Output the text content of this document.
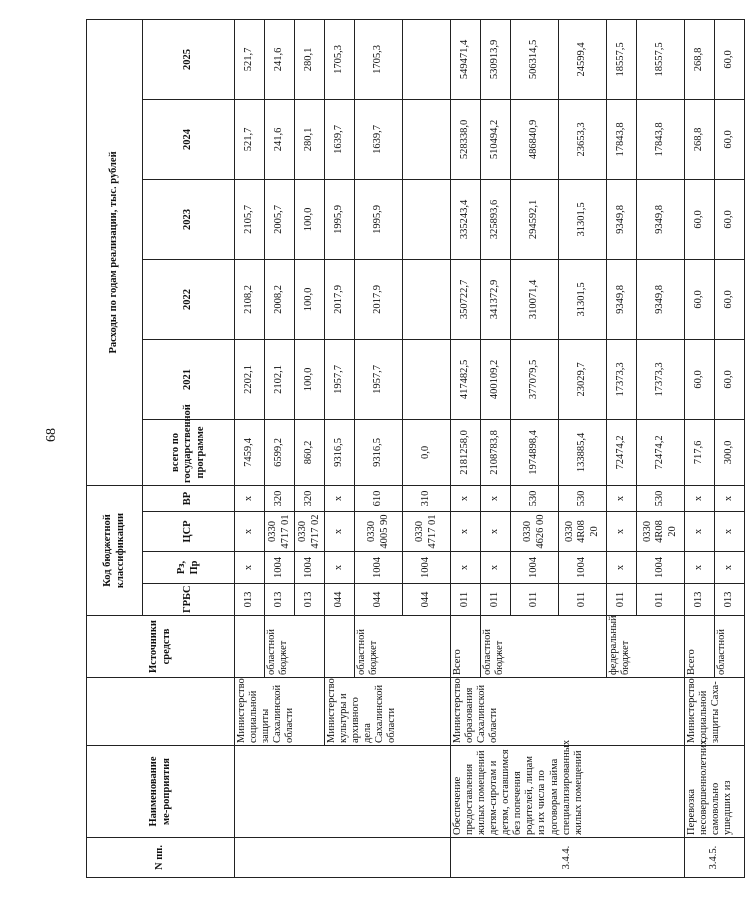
68
N пп.	Наименование ме-роприятия		Источники средств	Код бюджетной классификации				Расходы по годам реализации, тыс. рублей					
				ГРБС	Рз, Пр	ЦСР	ВР	всего по государственной программе	2021	2022	2023	2024	2025
		Министерство социальной защиты Сахалинской области		013	х	х	х	7459,4	2202,1	2108,2	2105,7	521,7	521,7
			областной бюджет	013	1004	0330 4717 01	320	6599,2	2102,1	2008,2	2005,7	241,6	241,6
				013	1004	0330 4717 02	320	860,2	100,0	100,0	100,0	280,1	280,1
		Министерство культуры и архивного дела Сахалинской области		044	х	х	х	9316,5	1957,7	2017,9	1995,9	1639,7	1705,3
			областной бюджет	044	1004	0330 4005 90	610	9316,5	1957,7	2017,9	1995,9	1639,7	1705,3
				044	1004	0330 4717 01	310	0,0					
3.4.4.	Обеспечение предоставления жилых помещений детям-сиротам и детям, оставшимся без попечения родителей, лицам из их числа по договорам найма специализированных жилых помещений	Министерство образования Сахалинской области	Всего	011	х	х	х	2181258,0	417482,5	350722,7	335243,4	528338,0	549471,4
			областной бюджет	011	х	х	х	2108783,8	400109,2	341372,9	325893,6	510494,2	530913,9
				011	1004	0330 4626 00	530	1974898,4	377079,5	310071,4	294592,1	486840,9	506314,5
				011	1004	0330 4R08 20	530	133885,4	23029,7	31301,5	31301,5	23653,3	24599,4
			федеральный бюджет	011	х	х	х	72474,2	17373,3	9349,8	9349,8	17843,8	18557,5
				011	1004	0330 4R08 20	530	72474,2	17373,3	9349,8	9349,8	17843,8	18557,5
3.4.5.	Перевозка несовершеннолетних, самовольно ушедших из	Министерство социальной защиты Саха-	Всего	013	х	х	х	717,6	60,0	60,0	60,0	268,8	268,8
			областной	013	х	х	х	300,0	60,0	60,0	60,0	60,0	60,0
